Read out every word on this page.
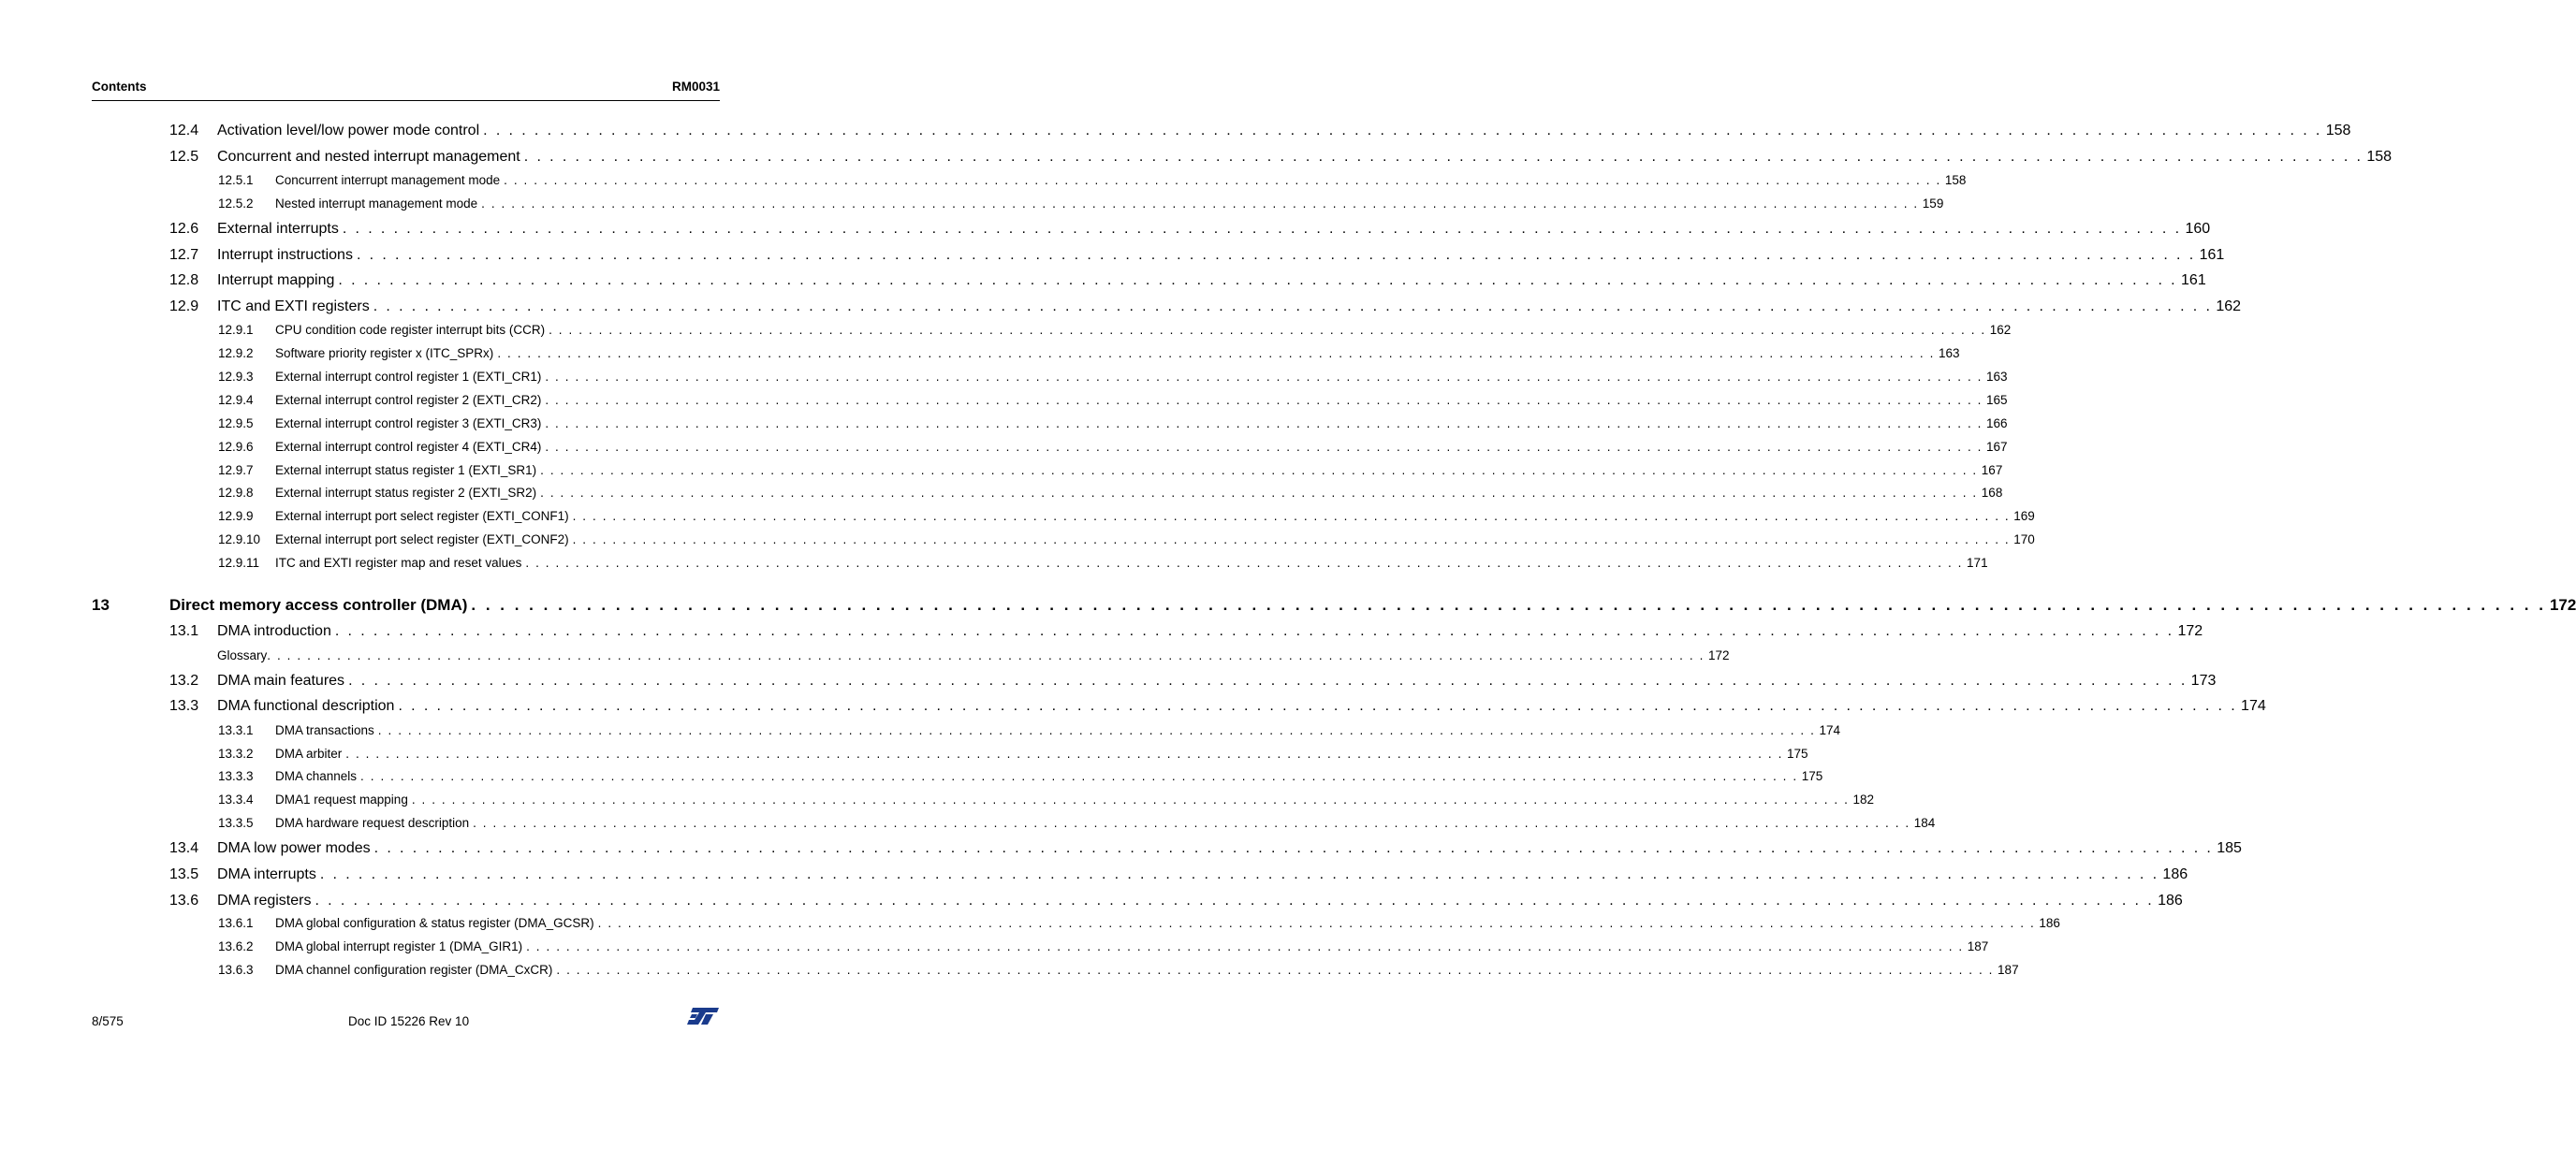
Contents	RM0031
12.4 Activation level/low power mode control . . .	158
12.5 Concurrent and nested interrupt management . . .	158
12.5.1 Concurrent interrupt management mode . . .	158
12.5.2 Nested interrupt management mode . . .	159
12.6 External interrupts . . .	160
12.7 Interrupt instructions . . .	161
12.8 Interrupt mapping . . .	161
12.9 ITC and EXTI registers . . .	162
12.9.1 CPU condition code register interrupt bits (CCR) . . .	162
12.9.2 Software priority register x (ITC_SPRx) . . .	163
12.9.3 External interrupt control register 1 (EXTI_CR1) . . .	163
12.9.4 External interrupt control register 2 (EXTI_CR2) . . .	165
12.9.5 External interrupt control register 3 (EXTI_CR3) . . .	166
12.9.6 External interrupt control register 4 (EXTI_CR4) . . .	167
12.9.7 External interrupt status register 1 (EXTI_SR1) . . .	167
12.9.8 External interrupt status register 2 (EXTI_SR2) . . .	168
12.9.9 External interrupt port select register (EXTI_CONF1) . . .	169
12.9.10 External interrupt port select register (EXTI_CONF2) . . .	170
12.9.11 ITC and EXTI register map and reset values . . .	171
13	Direct memory access controller (DMA) . . .	172
13.1 DMA introduction . . .	172
Glossary . . .	172
13.2 DMA main features . . .	173
13.3 DMA functional description . . .	174
13.3.1 DMA transactions . . .	174
13.3.2 DMA arbiter . . .	175
13.3.3 DMA channels . . .	175
13.3.4 DMA1 request mapping . . .	182
13.3.5 DMA hardware request description . . .	184
13.4 DMA low power modes . . .	185
13.5 DMA interrupts . . .	186
13.6 DMA registers . . .	186
13.6.1 DMA global configuration & status register (DMA_GCSR) . . .	186
13.6.2 DMA global interrupt register 1 (DMA_GIR1) . . .	187
13.6.3 DMA channel configuration register (DMA_CxCR) . . .	187
8/575	Doc ID 15226 Rev 10
